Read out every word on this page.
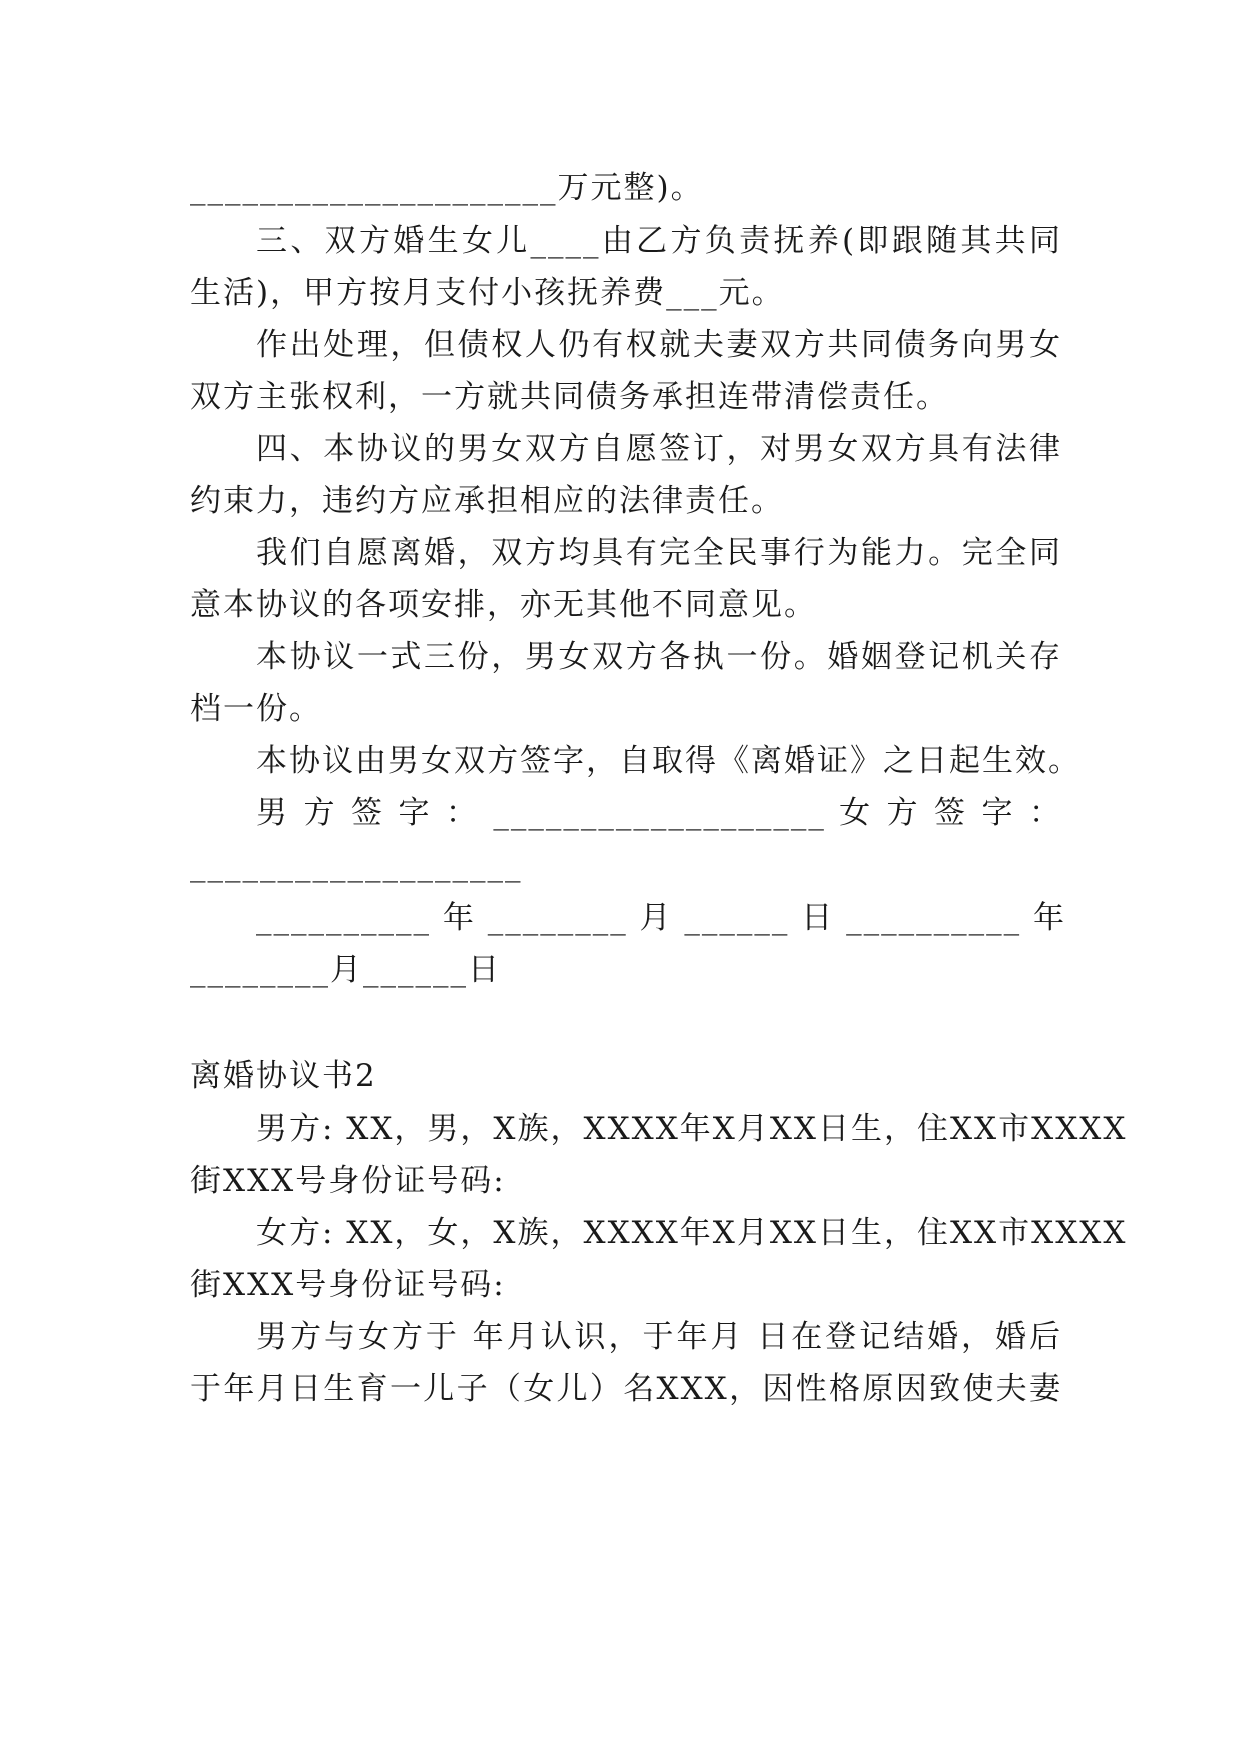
_____________________万元整)。
三、双方婚生女儿____由乙方负责抚养(即跟随其共同
生活)，甲方按月支付小孩抚养费___元。
作出处理，但债权人仍有权就夫妻双方共同债务向男女
双方主张权利，一方就共同债务承担连带清偿责任。
四、本协议的男女双方自愿签订，对男女双方具有法律
约束力，违约方应承担相应的法律责任。
我们自愿离婚，双方均具有完全民事行为能力。完全同
意本协议的各项安排，亦无其他不同意见。
本协议一式三份，男女双方各执一份。婚姻登记机关存
档一份。
本协议由男女双方签字，自取得《离婚证》之日起生效。
男 方 签 字 ： ___________________ 女 方 签 字 ：
___________________
__________ 年 ________ 月 ______ 日 __________ 年
________月______日
离婚协议书2
男方: XX，男，X族，XXXX年X月XX日生，住XX市XXXX
街XXX号身份证号码:
女方: XX，女，X族，XXXX年X月XX日生，住XX市XXXX
街XXX号身份证号码:
男方与女方于 年月认识，于年月 日在登记结婚，婚后
于年月日生育一儿子（女儿）名XXX，因性格原因致使夫妻
